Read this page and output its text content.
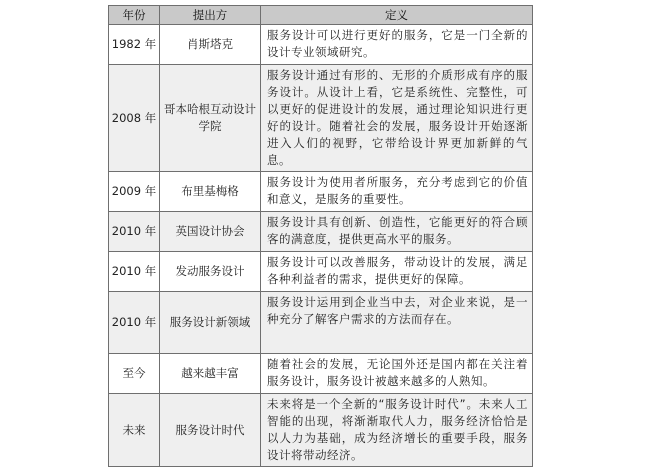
年份	提出方	定义
1982 年	肖斯塔克	服务设计可以进行更好的服务，它是一门全新的设计专业领域研究。
2008 年	哥本哈根互动设计学院	服务设计通过有形的、无形的介质形成有序的服务设计。从设计上看，它是系统性、完整性，可以更好的促进设计的发展，通过理论知识进行更好的设计。随着社会的发展，服务设计开始逐渐进入人们的视野，它带给设计界更加新鲜的气息。
2009 年	布里基梅格	服务设计为使用者所服务，充分考虑到它的价值和意义，是服务的重要性。
2010 年	英国设计协会	服务设计具有创新、创造性，它能更好的符合顾客的满意度，提供更高水平的服务。
2010 年	发动服务设计	服务设计可以改善服务，带动设计的发展，满足各种利益者的需求，提供更好的保障。
2010 年	服务设计新领域	服务设计运用到企业当中去，对企业来说，是一种充分了解客户需求的方法而存在。
至今	越来越丰富	随着社会的发展，无论国外还是国内都在关注着服务设计，服务设计被越来越多的人熟知。
未来	服务设计时代	未来将是一个全新的“服务设计时代”。未来人工智能的出现，将渐渐取代人力，服务经济恰恰是以人力为基础，成为经济增长的重要手段，服务设计将带动经济。
